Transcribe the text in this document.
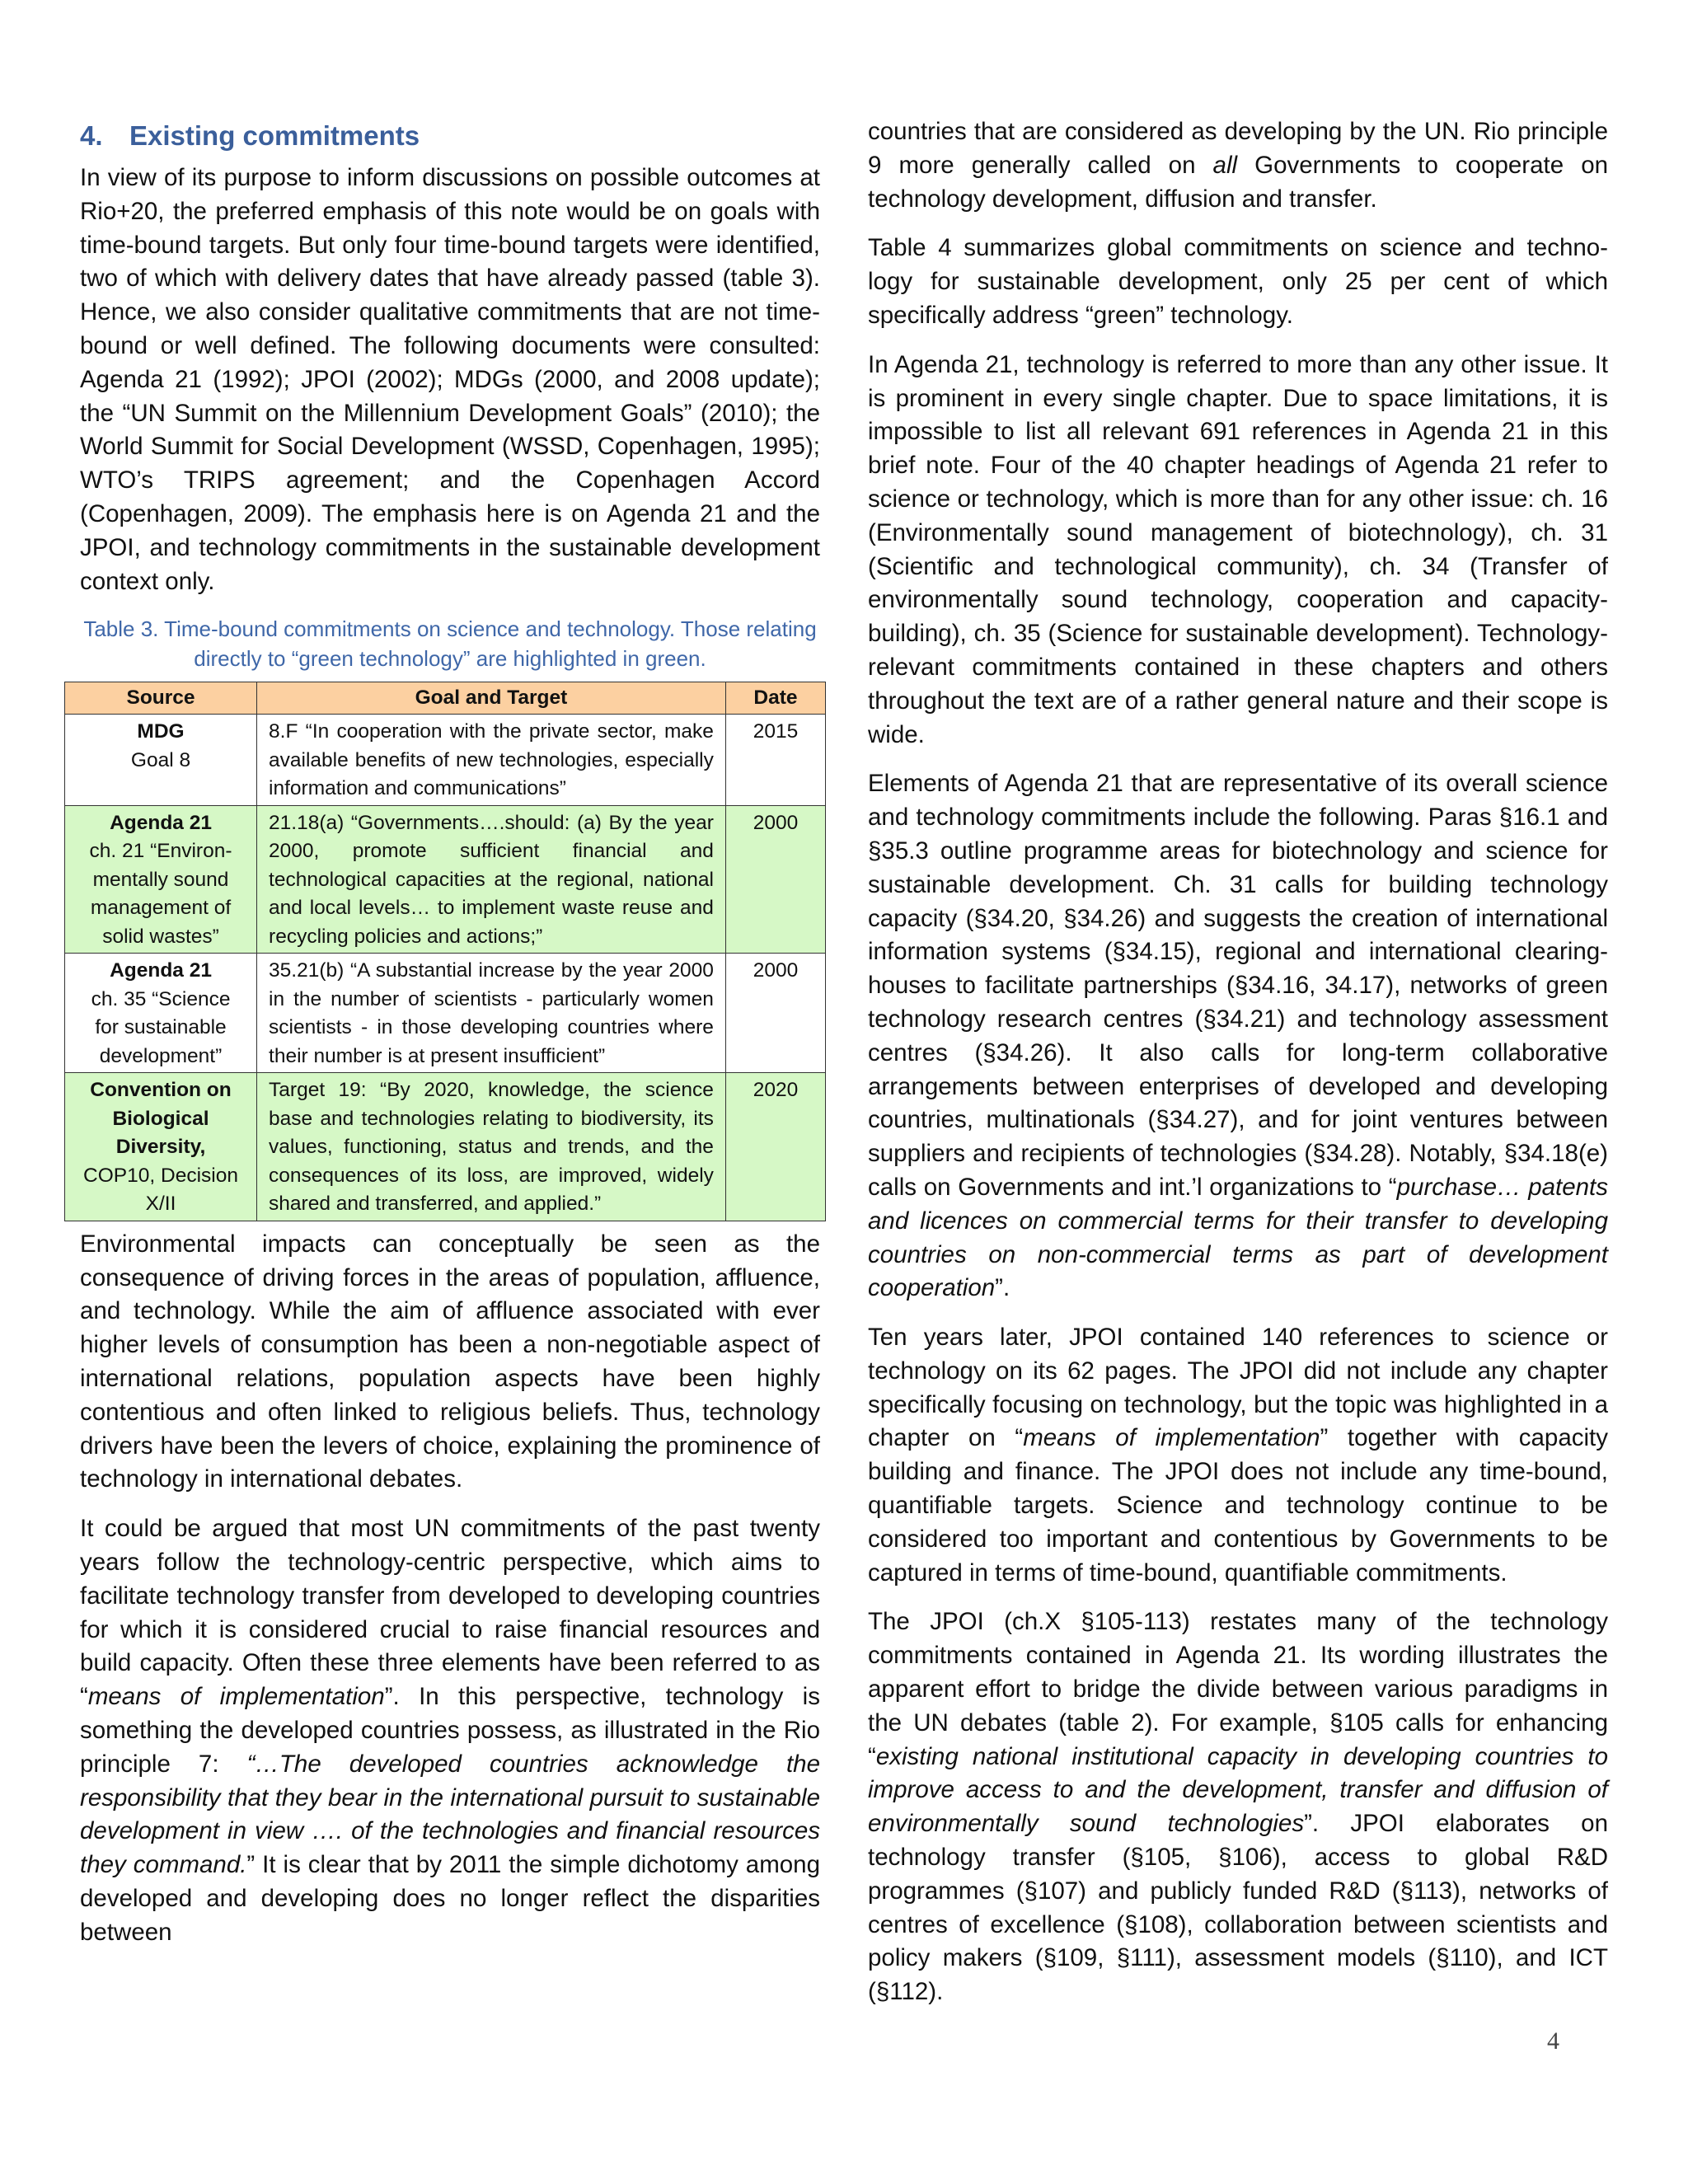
4. Existing commitments

In view of its purpose to inform discussions on possible outcomes at Rio+20, the preferred emphasis of this note would be on goals with time-bound targets. But only four time-bound targets were identified, two of which with delivery dates that have already passed (table 3). Hence, we also consider qualitative commitments that are not time-bound or well defined. The following documents were consulted: Agenda 21 (1992); JPOI (2002); MDGs (2000, and 2008 update); the “UN Summit on the Millennium Development Goals” (2010); the World Summit for Social Development (WSSD, Copenhagen, 1995); WTO’s TRIPS agreement; and the Copenhagen Accord (Copenhagen, 2009). The emphasis here is on Agenda 21 and the JPOI, and technology commitments in the sustainable development context only.

Table 3. Time-bound commitments on science and technology. Those relating directly to “green technology” are highlighted in green.
Source	Goal and Target	Date
MDG
Goal 8	8.F “In cooperation with the private sector, make available benefits of new technologies, especially information and communications”	2015
Agenda 21
ch. 21 “Environ-mentally sound management of solid wastes”	21.18(a) “Governments….should: (a) By the year 2000, promote sufficient financial and technological capacities at the regional, national and local levels… to implement waste reuse and recycling policies and actions;”	2000
Agenda 21
ch. 35 “Science for sustainable development”	35.21(b) “A substantial increase by the year 2000 in the number of scientists - particularly women scientists - in those developing countries where their number is at present insufficient”	2000
Convention on Biological Diversity,
COP10, Decision X/II	Target 19: “By 2020, knowledge, the science base and technologies relating to biodiversity, its values, functioning, status and trends, and the consequences of its loss, are improved, widely shared and transferred, and applied.”	2020

Environmental impacts can conceptually be seen as the consequence of driving forces in the areas of population, affluence, and technology. While the aim of affluence associated with ever higher levels of consumption has been a non-negotiable aspect of international relations, population aspects have been highly contentious and often linked to religious beliefs. Thus, technology drivers have been the levers of choice, explaining the prominence of technology in international debates.

It could be argued that most UN commitments of the past twenty years follow the technology-centric perspective, which aims to facilitate technology transfer from developed to developing countries for which it is considered crucial to raise financial resources and build capacity. Often these three elements have been referred to as “means of implementation”. In this perspective, technology is something the developed countries possess, as illustrated in the Rio principle 7: “…The developed countries acknowledge the responsibility that they bear in the international pursuit to sustainable development in view …. of the technologies and financial resources they command.” It is clear that by 2011 the simple dichotomy among developed and developing does no longer reflect the disparities between

countries that are considered as developing by the UN. Rio principle 9 more generally called on all Governments to cooperate on technology development, diffusion and transfer.

Table 4 summarizes global commitments on science and techno-logy for sustainable development, only 25 per cent of which specifically address “green” technology.

In Agenda 21, technology is referred to more than any other issue. It is prominent in every single chapter. Due to space limitations, it is impossible to list all relevant 691 references in Agenda 21 in this brief note. Four of the 40 chapter headings of Agenda 21 refer to science or technology, which is more than for any other issue: ch. 16 (Environmentally sound management of biotechnology), ch. 31 (Scientific and technological community), ch. 34 (Transfer of environmentally sound technology, cooperation and capacity-building), ch. 35 (Science for sustainable development). Technology-relevant commitments contained in these chapters and others throughout the text are of a rather general nature and their scope is wide.

Elements of Agenda 21 that are representative of its overall science and technology commitments include the following. Paras §16.1 and §35.3 outline programme areas for biotechnology and science for sustainable development. Ch. 31 calls for building technology capacity (§34.20, §34.26) and suggests the creation of international information systems (§34.15), regional and international clearing-houses to facilitate partnerships (§34.16, 34.17), networks of green technology research centres (§34.21) and technology assessment centres (§34.26). It also calls for long-term collaborative arrangements between enterprises of developed and developing countries, multinationals (§34.27), and for joint ventures between suppliers and recipients of technologies (§34.28). Notably, §34.18(e) calls on Governments and int.’l organizations to “purchase… patents and licences on commercial terms for their transfer to developing countries on non-commercial terms as part of development cooperation”.

Ten years later, JPOI contained 140 references to science or technology on its 62 pages. The JPOI did not include any chapter specifically focusing on technology, but the topic was highlighted in a chapter on “means of implementation” together with capacity building and finance. The JPOI does not include any time-bound, quantifiable targets. Science and technology continue to be considered too important and contentious by Governments to be captured in terms of time-bound, quantifiable commitments.

The JPOI (ch.X §105-113) restates many of the technology commitments contained in Agenda 21. Its wording illustrates the apparent effort to bridge the divide between various paradigms in the UN debates (table 2). For example, §105 calls for enhancing “existing national institutional capacity in developing countries to improve access to and the development, transfer and diffusion of environmentally sound technologies”. JPOI elaborates on technology transfer (§105, §106), access to global R&D programmes (§107) and publicly funded R&D (§113), networks of centres of excellence (§108), collaboration between scientists and policy makers (§109, §111), assessment models (§110), and ICT (§112).

4
